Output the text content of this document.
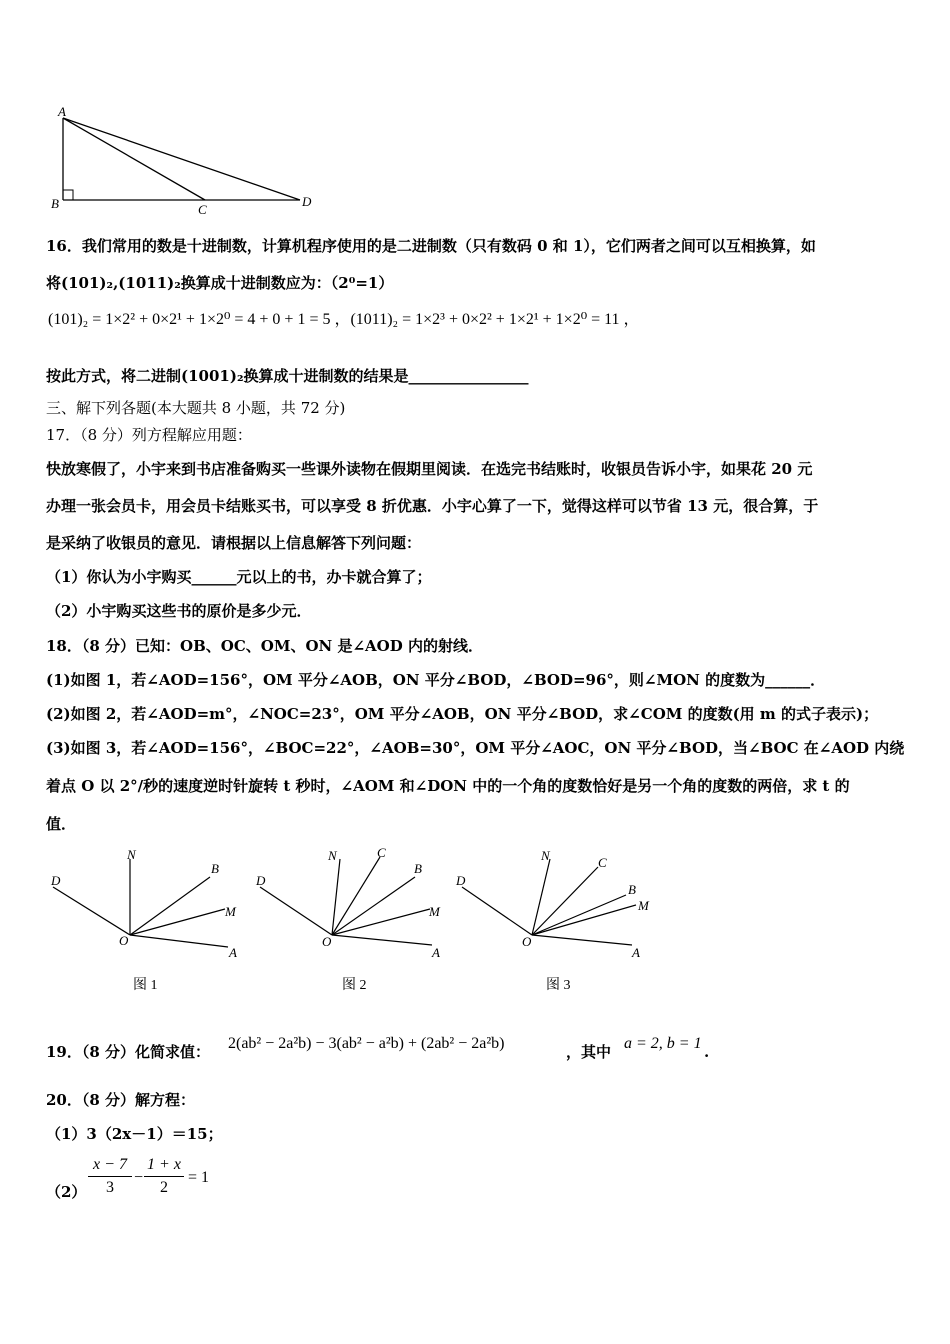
A
B	C
D
16．我们常用的数是十进制数，计算机程序使用的是二进制数（只有数码 0 和 1），它们两者之间可以互相换算，如
将(101)₂,(1011)₂换算成十进制数应为：（2⁰=1）
(101)₂ = 1×2² + 0×2¹ + 1×2⁰ = 4 + 0 + 1 = 5 ，(1011)₂ = 1×2³ + 0×2² + 1×2¹ + 1×2⁰ = 11 ，
按此方式，将二进制(1001)₂换算成十进制数的结果是________________
三、解下列各题(本大题共 8 小题，共 72 分)
17．（8 分）列方程解应用题：
快放寒假了，小宇来到书店准备购买一些课外读物在假期里阅读．在选完书结账时，收银员告诉小宇，如果花 20 元
办理一张会员卡，用会员卡结账买书，可以享受 8 折优惠．小宇心算了一下，觉得这样可以节省 13 元，很合算，于
是采纳了收银员的意见．请根据以上信息解答下列问题：
（1）你认为小宇购买______元以上的书，办卡就合算了；
（2）小宇购买这些书的原价是多少元．
18．（8 分）已知：OB、OC、OM、ON 是∠AOD 内的射线．
(1)如图 1，若∠AOD=156°，OM 平分∠AOB，ON 平分∠BOD，∠BOD=96°，则∠MON 的度数为______．
(2)如图 2，若∠AOD=m°，∠NOC=23°，OM 平分∠AOB，ON 平分∠BOD，求∠COM 的度数(用 m 的式子表示)；
(3)如图 3，若∠AOD=156°，∠BOC=22°，∠AOB=30°，OM 平分∠AOC，ON 平分∠BOD，当∠BOC 在∠AOD 内绕
着点 O 以 2°/秒的速度逆时针旋转 t 秒时，∠AOM 和∠DON 中的一个角的度数恰好是另一个角的度数的两倍，求 t 的
值．
D
N
B
M
A
O
图 1
D
N	C
B
M
A
O
图 2
D
N	C
B
M
A
O
图 3
19．（8 分）化简求值： 2(ab² − 2a²b) − 3(ab² − a²b) + (2ab² − 2a²b)	，其中 a = 2, b = 1 .
20．（8 分）解方程：
（1）3（2x－1）＝15；
$(2) \frac{x - 7}{3} - \frac{1 + x}{2} = 1$
